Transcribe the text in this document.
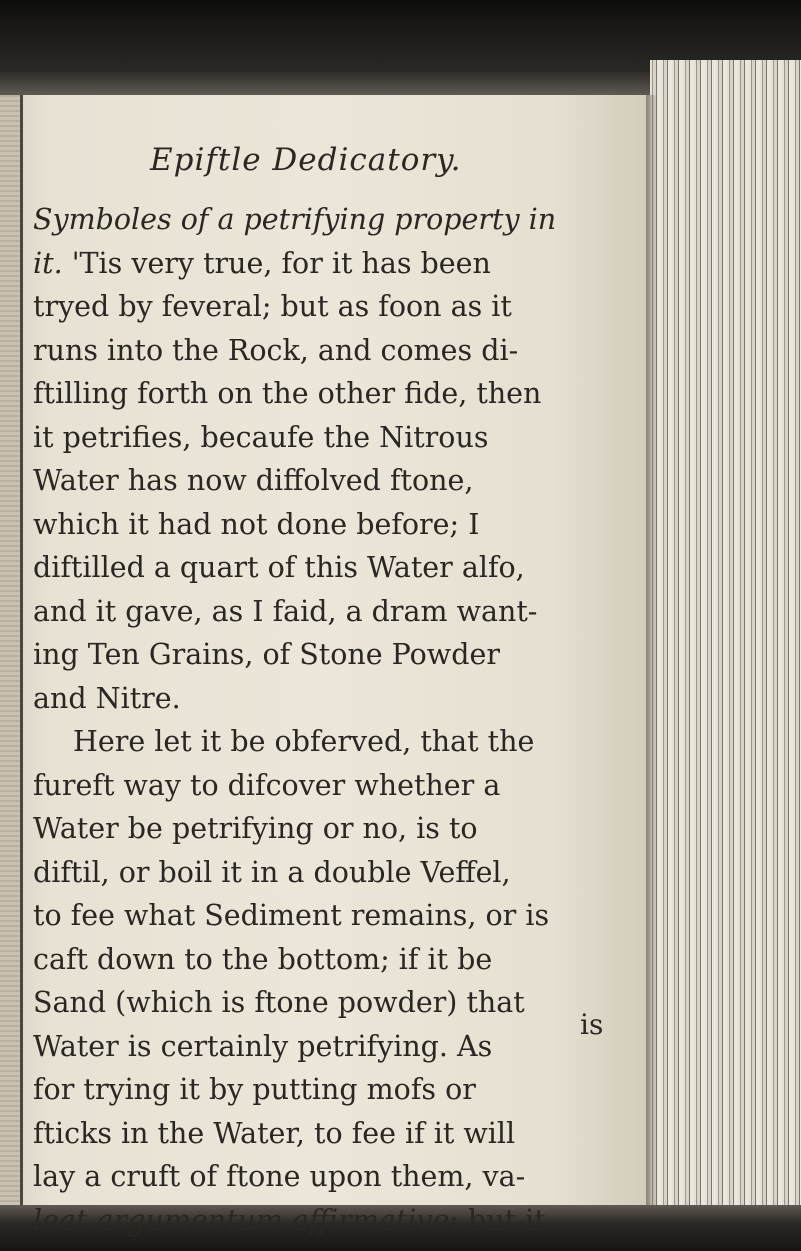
Epiftle Dedicatory.
Symboles of a petrifying property in
it. 'Tis very true, for it has been
tryed by feveral; but as foon as it
runs into the Rock, and comes di-
ftilling forth on the other fide, then
it petrifies, becaufe the Nitrous
Water has now diffolved ftone,
which it had not done before; I
diftilled a quart of this Water alfo,
and it gave, as I faid, a dram want-
ing Ten Grains, of Stone Powder
and Nitre.
Here let it be obferved, that the
fureft way to difcover whether a
Water be petrifying or no, is to
diftil, or boil it in a double Veffel,
to fee what Sediment remains, or is
caft down to the bottom; if it be
Sand (which is ftone powder) that
Water is certainly petrifying. As
for trying it by putting mofs or
fticks in the Water, to fee if it will
lay a cruft of ftone upon them, va-
leat argumentum affirmative; but it
is
